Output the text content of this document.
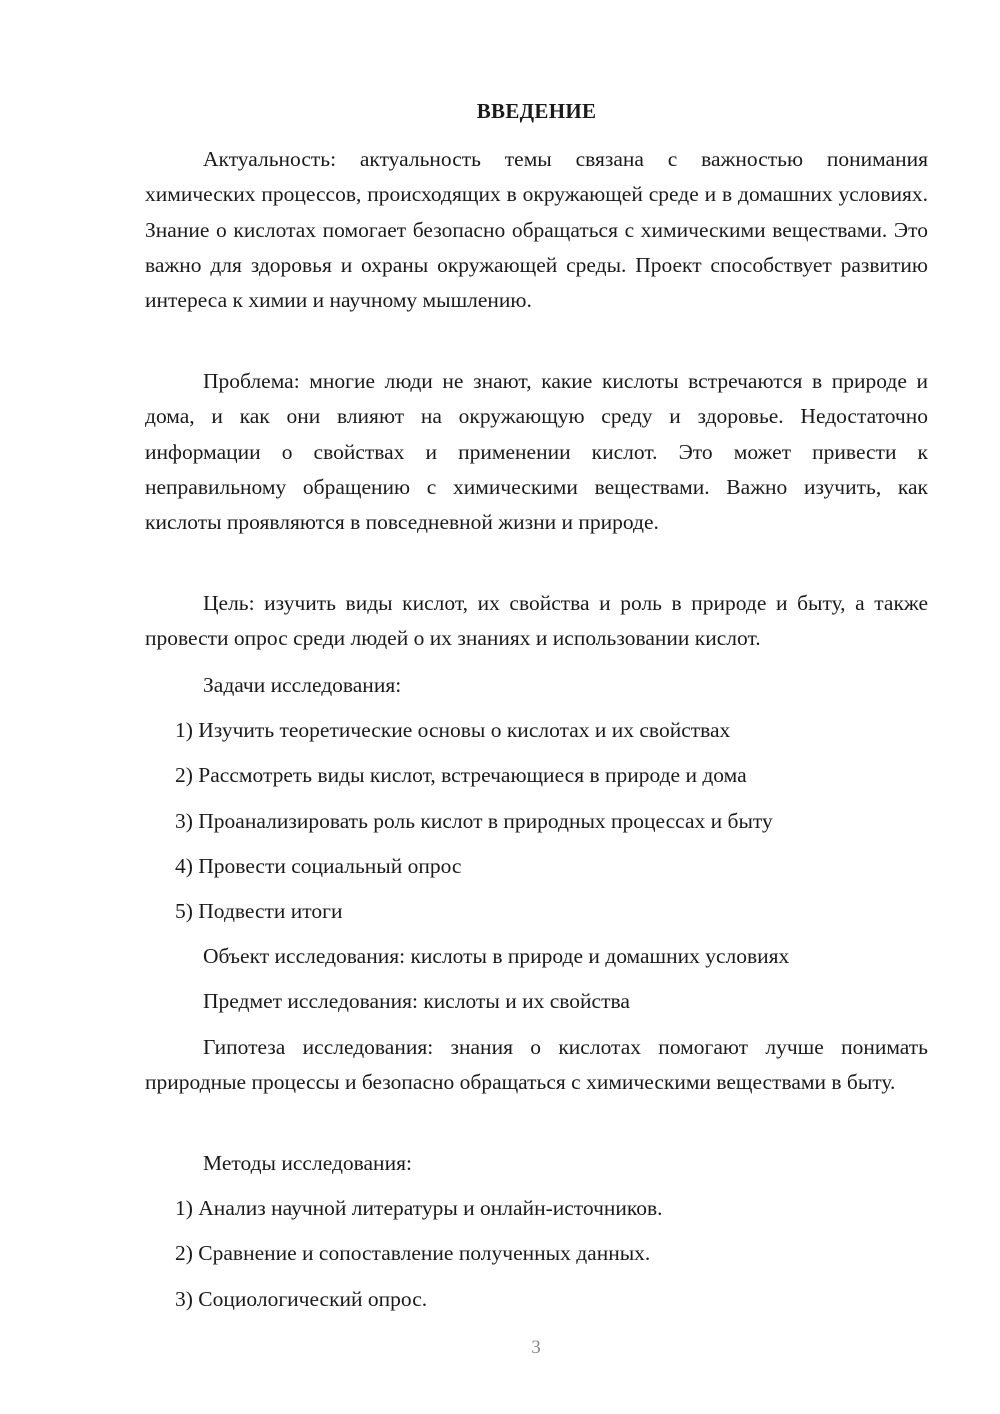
ВВЕДЕНИЕ

Актуальность: актуальность темы связана с важностью понимания химических процессов, происходящих в окружающей среде и в домашних условиях. Знание о кислотах помогает безопасно обращаться с химическими веществами. Это важно для здоровья и охраны окружающей среды. Проект способствует развитию интереса к химии и научному мышлению.

Проблема: многие люди не знают, какие кислоты встречаются в природе и дома, и как они влияют на окружающую среду и здоровье. Недостаточно информации о свойствах и применении кислот. Это может привести к неправильному обращению с химическими веществами. Важно изучить, как кислоты проявляются в повседневной жизни и природе.

Цель: изучить виды кислот, их свойства и роль в природе и быту, а также провести опрос среди людей о их знаниях и использовании кислот.

Задачи исследования:
1) Изучить теоретические основы о кислотах и их свойствах
2) Рассмотреть виды кислот, встречающиеся в природе и дома
3) Проанализировать роль кислот в природных процессах и быту
4) Провести социальный опрос
5) Подвести итоги
Объект исследования: кислоты в природе и домашних условиях
Предмет исследования: кислоты и их свойства

Гипотеза исследования: знания о кислотах помогают лучше понимать природные процессы и безопасно обращаться с химическими веществами в быту.

Методы исследования:
1) Анализ научной литературы и онлайн-источников.
2) Сравнение и сопоставление полученных данных.
3) Социологический опрос.
3
